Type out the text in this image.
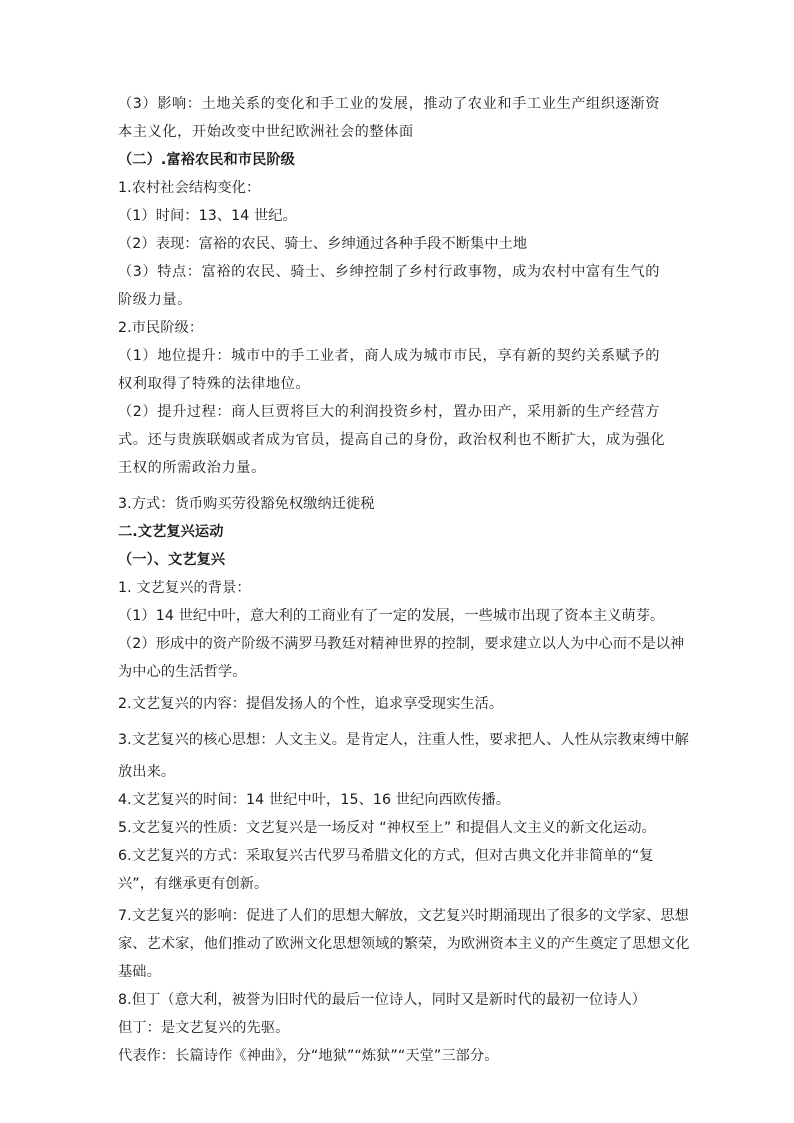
（3）影响：土地关系的变化和手工业的发展，推动了农业和手工业生产组织逐渐资
本主义化，开始改变中世纪欧洲社会的整体面
（二）.富裕农民和市民阶级
1.农村社会结构变化：
（1）时间：13、14 世纪。
（2）表现：富裕的农民、骑士、乡绅通过各种手段不断集中土地
（3）特点：富裕的农民、骑士、乡绅控制了乡村行政事物，成为农村中富有生气的
阶级力量。
2.市民阶级：
（1）地位提升：城市中的手工业者，商人成为城市市民，享有新的契约关系赋予的
权利取得了特殊的法律地位。
（2）提升过程：商人巨贾将巨大的利润投资乡村，置办田产，采用新的生产经营方
式。还与贵族联姻或者成为官员，提高自己的身份，政治权利也不断扩大，成为强化
王权的所需政治力量。
3.方式：货币购买劳役豁免权缴纳迁徙税
二.文艺复兴运动
（一）、文艺复兴
1. 文艺复兴的背景：
（1）14 世纪中叶，意大利的工商业有了一定的发展，一些城市出现了资本主义萌芽。
（2）形成中的资产阶级不满罗马教廷对精神世界的控制，要求建立以人为中心而不是以神
为中心的生活哲学。
2.文艺复兴的内容：提倡发扬人的个性，追求享受现实生活。
3.文艺复兴的核心思想：人文主义。是肯定人，注重人性，要求把人、人性从宗教束缚中解
放出来。
4.文艺复兴的时间：14 世纪中叶，15、16 世纪向西欧传播。
5.文艺复兴的性质：文艺复兴是一场反对 “神权至上” 和提倡人文主义的新文化运动。
6.文艺复兴的方式：采取复兴古代罗马希腊文化的方式，但对古典文化并非简单的“复
兴”，有继承更有创新。
7.文艺复兴的影响：促进了人们的思想大解放，文艺复兴时期涌现出了很多的文学家、思想
家、艺术家，他们推动了欧洲文化思想领域的繁荣，为欧洲资本主义的产生奠定了思想文化
基础。
8.但丁（意大利，被誉为旧时代的最后一位诗人，同时又是新时代的最初一位诗人）
但丁：是文艺复兴的先驱。
代表作：长篇诗作《神曲》，分“地狱”“炼狱”“天堂”三部分。
